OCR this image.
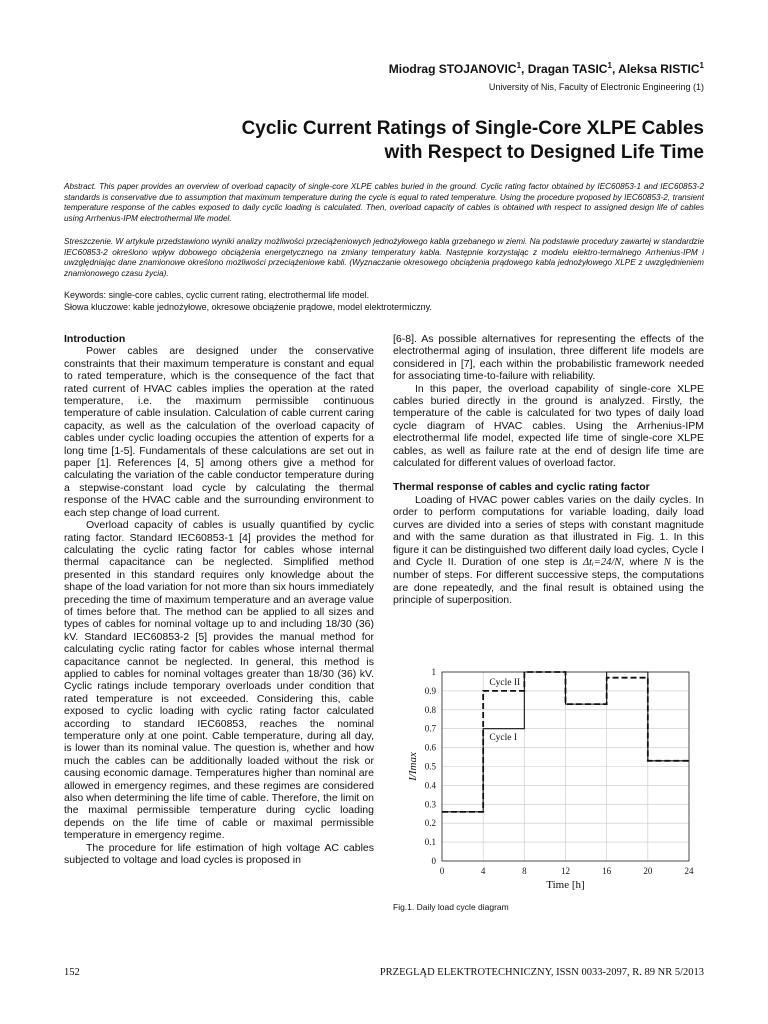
Miodrag STOJANOVIC$^1$, Dragan TASIC$^1$, Aleksa RISTIC$^1$
University of Nis, Faculty of Electronic Engineering (1)
Cyclic Current Ratings of Single-Core XLPE Cables
with Respect to Designed Life Time
Abstract. This paper provides an overview of overload capacity of single-core XLPE cables buried in the ground. Cyclic rating factor obtained by IEC60853-1 and IEC60853-2 standards is conservative due to assumption that maximum temperature during the cycle is equal to rated temperature. Using the procedure proposed by IEC60853-2, transient temperature response of the cables exposed to daily cyclic loading is calculated. Then, overload capacity of cables is obtained with respect to assigned design life of cables using Arrhenius-IPM electrothermal life model.
Streszczenie. W artykule przedstawiono wyniki analizy możliwości przeciążeniowych jednożyłowego kabla grzebanego w ziemi. Na podstawie procedury zawartej w standardzie IEC60853-2 określono wpływ dobowego obciążenia energetycznego na zmiany temperatury kabla. Następnie korzystając z modelu elektro-termalnego Arrhenius-IPM i uwzględniając dane znamionowe określono możliwości przeciążeniowe kabli. (Wyznaczanie okresowego obciążenia prądowego kabla jednożyłowego XLPE z uwzględnieniem znamionowego czasu życia).
Keywords: single-core cables, cyclic current rating, electrothermal life model.
Słowa kluczowe: kable jednożyłowe, okresowe obciążenie prądowe, model elektrotermiczny.
Introduction

Power cables are designed under the conservative constraints that their maximum temperature is constant and equal to rated temperature, which is the consequence of the fact that rated current of HVAC cables implies the operation at the rated temperature, i.e. the maximum permissible continuous temperature of cable insulation. Calculation of cable current caring capacity, as well as the calculation of the overload capacity of cables under cyclic loading occupies the attention of experts for a long time [1-5]. Fundamentals of these calculations are set out in paper [1]. References [4, 5] among others give a method for calculating the variation of the cable conductor temperature during a stepwise-constant load cycle by calculating the thermal response of the HVAC cable and the surrounding environment to each step change of load current.

Overload capacity of cables is usually quantified by cyclic rating factor. Standard IEC60853-1 [4] provides the method for calculating the cyclic rating factor for cables whose internal thermal capacitance can be neglected. Simplified method presented in this standard requires only knowledge about the shape of the load variation for not more than six hours immediately preceding the time of maximum temperature and an average value of times before that. The method can be applied to all sizes and types of cables for nominal voltage up to and including 18/30 (36) kV. Standard IEC60853-2 [5] provides the manual method for calculating cyclic rating factor for cables whose internal thermal capacitance cannot be neglected. In general, this method is applied to cables for nominal voltages greater than 18/30 (36) kV. Cyclic ratings include temporary overloads under condition that rated temperature is not exceeded. Considering this, cable exposed to cyclic loading with cyclic rating factor calculated according to standard IEC60853, reaches the nominal temperature only at one point. Cable temperature, during all day, is lower than its nominal value. The question is, whether and how much the cables can be additionally loaded without the risk or causing economic damage. Temperatures higher than nominal are allowed in emergency regimes, and these regimes are considered also when determining the life time of cable. Therefore, the limit on the maximal permissible temperature during cyclic loading depends on the life time of cable or maximal permissible temperature in emergency regime.

The procedure for life estimation of high voltage AC cables subjected to voltage and load cycles is proposed in

[6-8]. As possible alternatives for representing the effects of the electrothermal aging of insulation, three different life models are considered in [7], each within the probabilistic framework needed for associating time-to-failure with reliability.

In this paper, the overload capability of single-core XLPE cables buried directly in the ground is analyzed. Firstly, the temperature of the cable is calculated for two types of daily load cycle diagram of HVAC cables. Using the Arrhenius-IPM electrothermal life model, expected life time of single-core XLPE cables, as well as failure rate at the end of design life time are calculated for different values of overload factor.

Thermal response of cables and cyclic rating factor

Loading of HVAC power cables varies on the daily cycles. In order to perform computations for variable loading, daily load curves are divided into a series of steps with constant magnitude and with the same duration as that illustrated in Fig. 1. In this figure it can be distinguished two different daily load cycles, Cycle I and Cycle II. Duration of one step is Δtᵢ=24/N, where N is the number of steps. For different successive steps, the computations are done repeatedly, and the final result is obtained using the principle of superposition.

0	4	8	12	16	20	24
0
0.1
0.2
0.3
0.4
0.5
0.6
0.7
0.8
0.9
1
Time [h]
I/Imax
Cycle II
Cycle I
Fig.1. Daily load cycle diagram
152	PRZEGLĄD ELEKTROTECHNICZNY, ISSN 0033-2097, R. 89 NR 5/2013
